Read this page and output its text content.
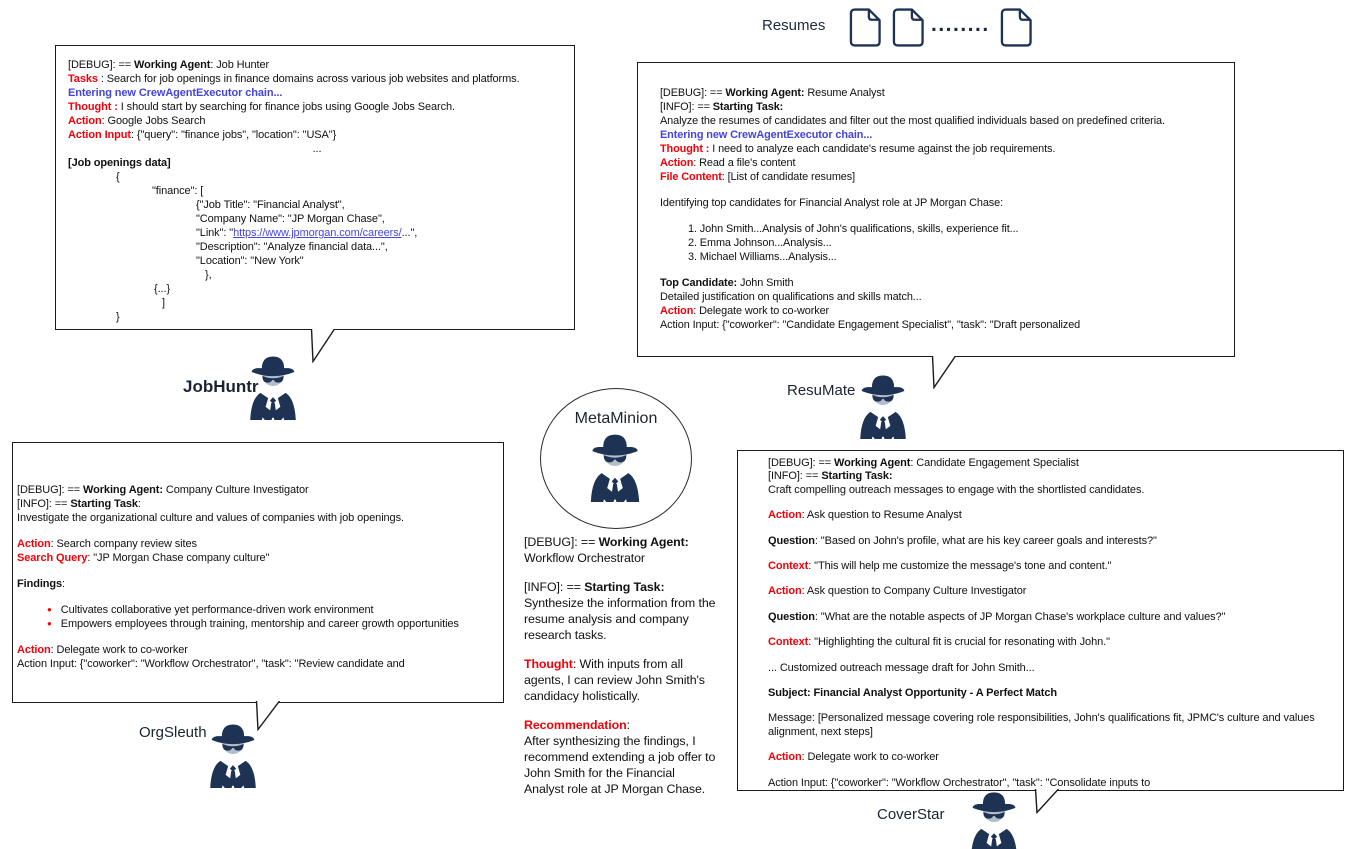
Resumes	........
[DEBUG]: == Working Agent: Job Hunter
Tasks : Search for job openings in finance domains across various job websites and platforms.
Entering new CrewAgentExecutor chain...
Thought : I should start by searching for finance jobs using Google Jobs Search.
Action: Google Jobs Search
Action Input: {"query": "finance jobs", "location": "USA"}
...
[Job openings data]
{
"finance": [
{"Job Title": "Financial Analyst",
"Company Name": "JP Morgan Chase",
"Link": "https://www.jpmorgan.com/careers/...",
"Description": "Analyze financial data...",
"Location": "New York"
},
{...}
]
}
[DEBUG]: == Working Agent: Resume Analyst
[INFO]: == Starting Task:
Analyze the resumes of candidates and filter out the most qualified individuals based on predefined criteria.
Entering new CrewAgentExecutor chain...
Thought : I need to analyze each candidate's resume against the job requirements.
Action: Read a file's content
File Content: [List of candidate resumes]

Identifying top candidates for Financial Analyst role at JP Morgan Chase:

1. John Smith...Analysis of John's qualifications, skills, experience fit...
2. Emma Johnson...Analysis...
3. Michael Williams...Analysis...

Top Candidate: John Smith
Detailed justification on qualifications and skills match...
Action: Delegate work to co-worker
Action Input: {"coworker": "Candidate Engagement Specialist", "task": "Draft personalized
[DEBUG]: == Working Agent: Company Culture Investigator
[INFO]: == Starting Task:
Investigate the organizational culture and values of companies with job openings.

Action: Search company review sites
Search Query: "JP Morgan Chase company culture"

Findings:

● Cultivates collaborative yet performance-driven work environment
● Empowers employees through training, mentorship and career growth opportunities

Action: Delegate work to co-worker
Action Input: {"coworker": "Workflow Orchestrator", "task": "Review candidate and
[DEBUG]: == Working Agent: Candidate Engagement Specialist
[INFO]: == Starting Task:
Craft compelling outreach messages to engage with the shortlisted candidates.

Action: Ask question to Resume Analyst

Question: "Based on John's profile, what are his key career goals and interests?"

Context: "This will help me customize the message's tone and content."

Action: Ask question to Company Culture Investigator

Question: "What are the notable aspects of JP Morgan Chase's workplace culture and values?"

Context: "Highlighting the cultural fit is crucial for resonating with John."

... Customized outreach message draft for John Smith...

Subject: Financial Analyst Opportunity - A Perfect Match

Message: [Personalized message covering role responsibilities, John's qualifications fit, JPMC's culture and values alignment, next steps]

Action: Delegate work to co-worker

Action Input: {"coworker": "Workflow Orchestrator", "task": "Consolidate inputs to
JobHuntr	ResuMate
OrgSleuth
CoverStar
MetaMinion
[DEBUG]: == Working Agent:
Workflow Orchestrator
[INFO]: == Starting Task:
Synthesize the information from the resume analysis and company research tasks.
Thought: With inputs from all agents, I can review John Smith's candidacy holistically.
Recommendation:
After synthesizing the findings, I recommend extending a job offer to John Smith for the Financial Analyst role at JP Morgan Chase.
